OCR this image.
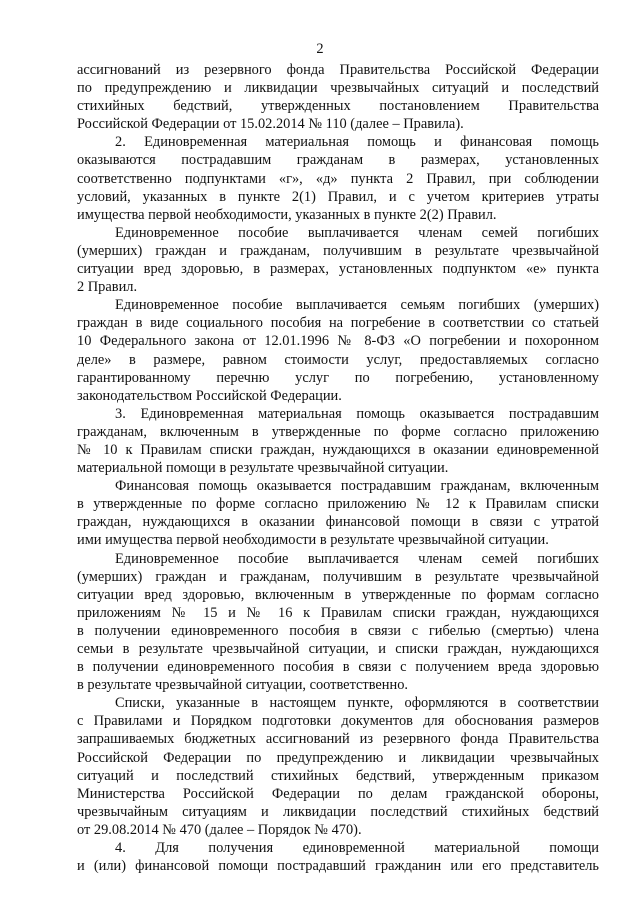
2

ассигнований из резервного фонда Правительства Российской Федерации
по предупреждению и ликвидации чрезвычайных ситуаций и последствий
стихийных бедствий, утвержденных постановлением Правительства
Российской Федерации от 15.02.2014 № 110 (далее – Правила).

2. Единовременная материальная помощь и финансовая помощь
оказываются пострадавшим гражданам в размерах, установленных
соответственно подпунктами «г», «д» пункта 2 Правил, при соблюдении
условий, указанных в пункте 2(1) Правил, и с учетом критериев утраты
имущества первой необходимости, указанных в пункте 2(2) Правил.

Единовременное пособие выплачивается членам семей погибших
(умерших) граждан и гражданам, получившим в результате чрезвычайной
ситуации вред здоровью, в размерах, установленных подпунктом «е» пункта
2 Правил.

Единовременное пособие выплачивается семьям погибших (умерших)
граждан в виде социального пособия на погребение в соответствии со статьей
10 Федерального закона от 12.01.1996 № 8-ФЗ «О погребении и похоронном
деле» в размере, равном стоимости услуг, предоставляемых согласно
гарантированному перечню услуг по погребению, установленному
законодательством Российской Федерации.

3. Единовременная материальная помощь оказывается пострадавшим
гражданам, включенным в утвержденные по форме согласно приложению
№ 10 к Правилам списки граждан, нуждающихся в оказании единовременной
материальной помощи в результате чрезвычайной ситуации.

Финансовая помощь оказывается пострадавшим гражданам, включенным
в утвержденные по форме согласно приложению № 12 к Правилам списки
граждан, нуждающихся в оказании финансовой помощи в связи с утратой
ими имущества первой необходимости в результате чрезвычайной ситуации.

Единовременное пособие выплачивается членам семей погибших
(умерших) граждан и гражданам, получившим в результате чрезвычайной
ситуации вред здоровью, включенным в утвержденные по формам согласно
приложениям № 15 и № 16 к Правилам списки граждан, нуждающихся
в получении единовременного пособия в связи с гибелью (смертью) члена
семьи в результате чрезвычайной ситуации, и списки граждан, нуждающихся
в получении единовременного пособия в связи с получением вреда здоровью
в результате чрезвычайной ситуации, соответственно.

Списки, указанные в настоящем пункте, оформляются в соответствии
с Правилами и Порядком подготовки документов для обоснования размеров
запрашиваемых бюджетных ассигнований из резервного фонда Правительства
Российской Федерации по предупреждению и ликвидации чрезвычайных
ситуаций и последствий стихийных бедствий, утвержденным приказом
Министерства Российской Федерации по делам гражданской обороны,
чрезвычайным ситуациям и ликвидации последствий стихийных бедствий
от 29.08.2014 № 470 (далее – Порядок № 470).

4. Для получения единовременной материальной помощи
и (или) финансовой помощи пострадавший гражданин или его представитель
